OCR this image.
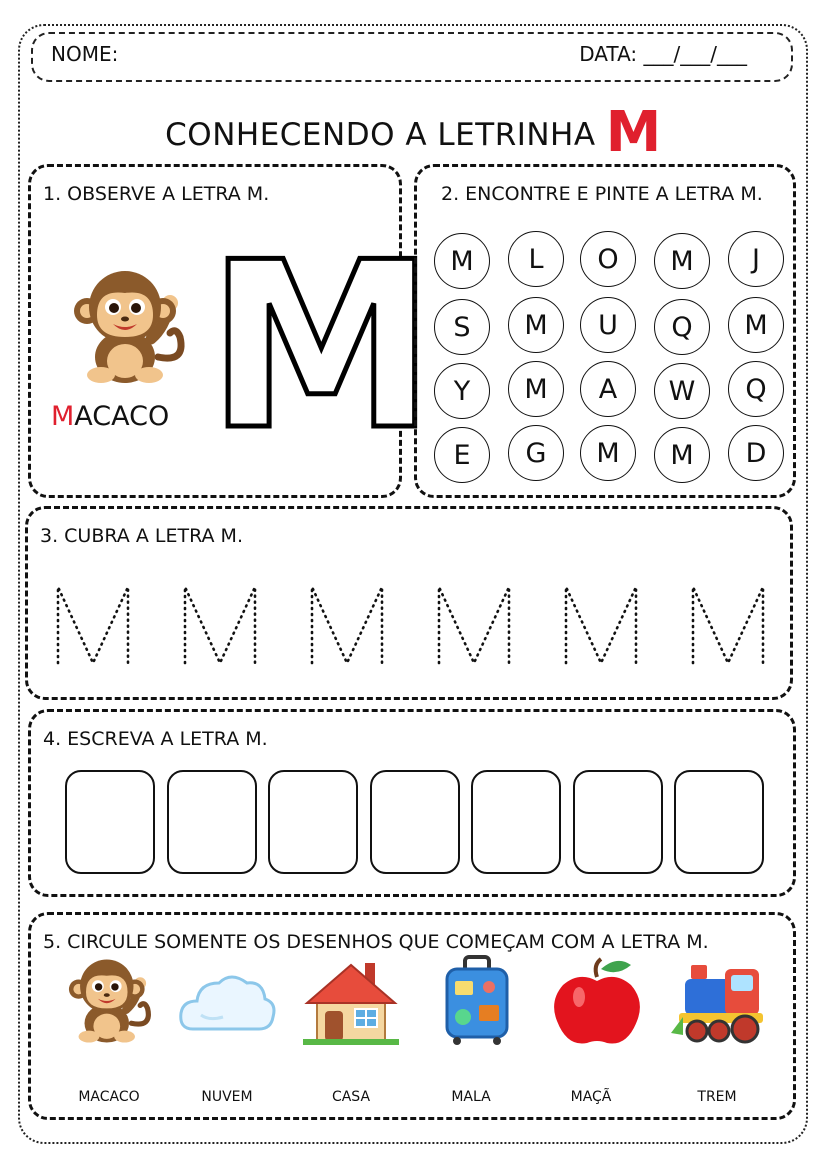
NOME:	DATA: ___/___/___
CONHECENDO A LETRINHA M
1. OBSERVE A LETRA M.
MACACO M
2. ENCONTRE E PINTE A LETRA M.
M	L	O	M	J
S	M	U	Q	M
Y	M	A	W	Q
E	G	M	M	D
3. CUBRA A LETRA M.
4. ESCREVA A LETRA M.
5. CIRCULE SOMENTE OS DESENHOS QUE COMEÇAM COM A LETRA M.
MACACO	NUVEM	CASA	MALA	MAÇÃ	TREM
